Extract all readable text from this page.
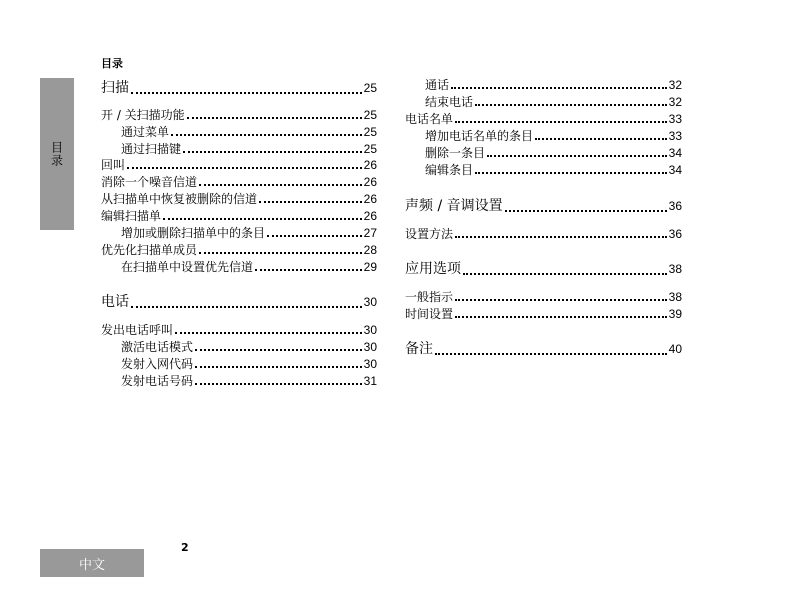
目录
目录
扫描	25
开 / 关扫描功能	25
通过菜单	25
通过扫描键	25
回叫	26
消除一个噪音信道	26
从扫描单中恢复被删除的信道	26
编辑扫描单	26
增加或删除扫描单中的条目	27
优先化扫描单成员	28
在扫描单中设置优先信道	29
电话	30
发出电话呼叫	30
激活电话模式	30
发射入网代码	30
发射电话号码	31
通话	32
结束电话	32
电话名单	33
增加电话名单的条目	33
删除一条目	34
编辑条目	34
声频 / 音调设置	36
设置方法	36
应用选项	38
一般指示	38
时间设置	39
备注	40
2
中文
